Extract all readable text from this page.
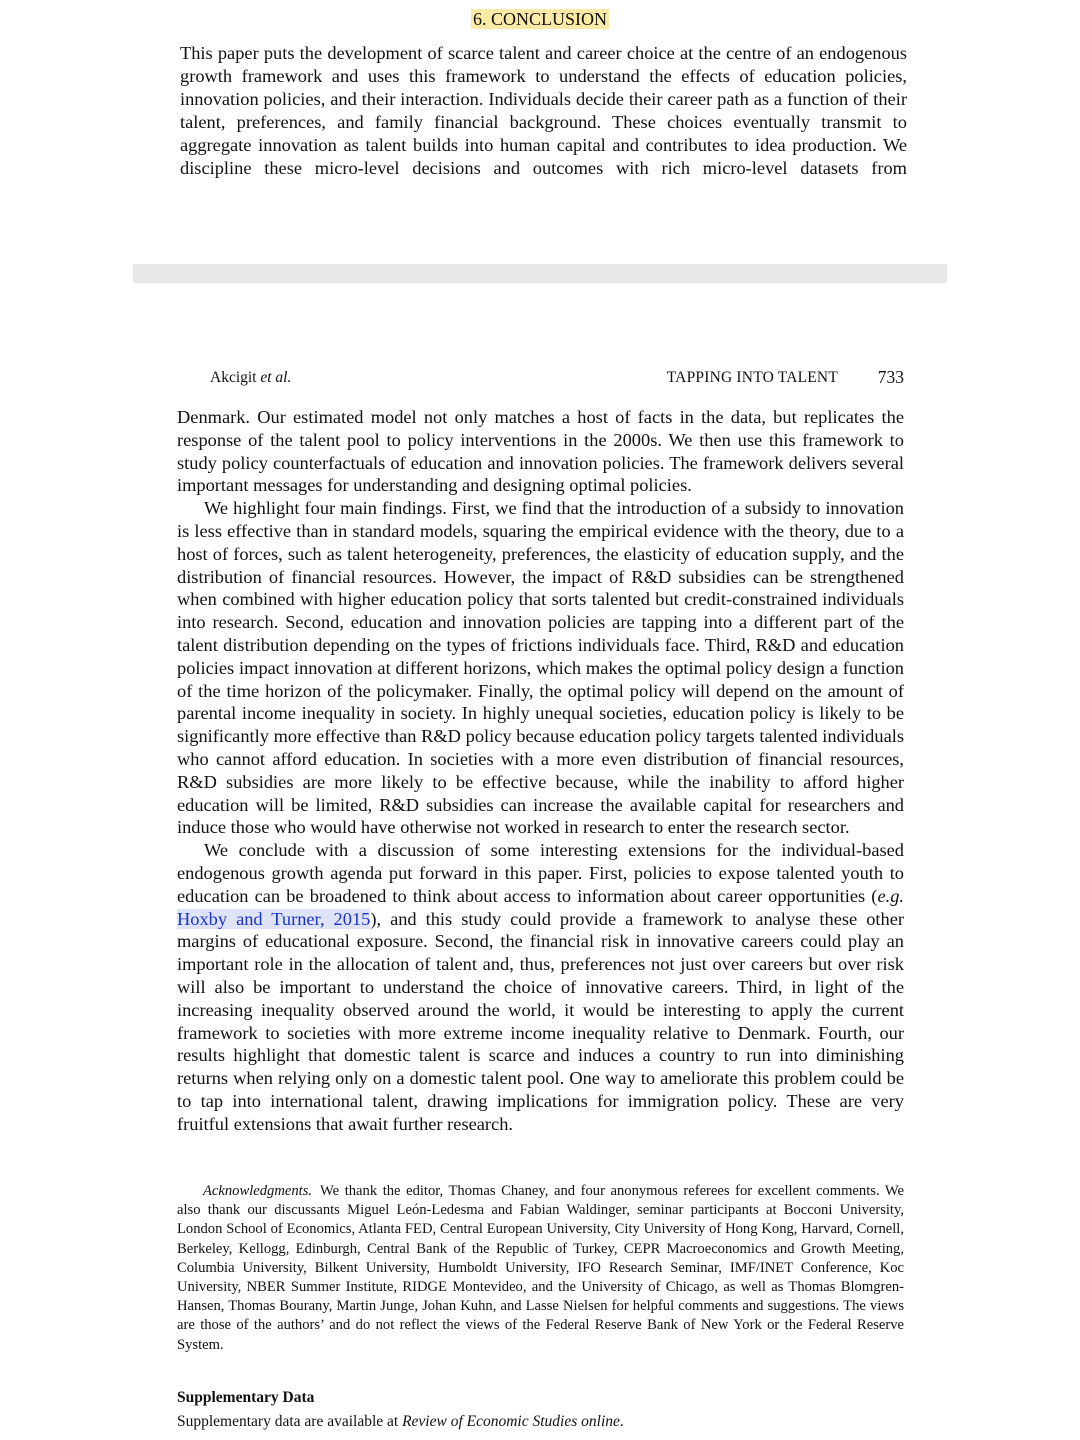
6. CONCLUSION

This paper puts the development of scarce talent and career choice at the centre of an endogenous growth framework and uses this framework to understand the effects of education policies, innovation policies, and their interaction. Individuals decide their career path as a function of their talent, preferences, and family financial background. These choices eventually transmit to aggregate innovation as talent builds into human capital and contributes to idea production. We discipline these micro-level decisions and outcomes with rich micro-level datasets from

Akcigit et al.	TAPPING INTO TALENT 733

Denmark. Our estimated model not only matches a host of facts in the data, but replicates the response of the talent pool to policy interventions in the 2000s. We then use this framework to study policy counterfactuals of education and innovation policies. The framework delivers several important messages for understanding and designing optimal policies.

We highlight four main findings. First, we find that the introduction of a subsidy to innovation is less effective than in standard models, squaring the empirical evidence with the theory, due to a host of forces, such as talent heterogeneity, preferences, the elasticity of education supply, and the distribution of financial resources. However, the impact of R&D subsidies can be strengthened when combined with higher education policy that sorts talented but credit-constrained individuals into research. Second, education and innovation policies are tapping into a different part of the talent distribution depending on the types of frictions individuals face. Third, R&D and education policies impact innovation at different horizons, which makes the optimal policy design a function of the time horizon of the policymaker. Finally, the optimal policy will depend on the amount of parental income inequality in society. In highly unequal societies, education policy is likely to be significantly more effective than R&D policy because education policy targets talented individuals who cannot afford education. In societies with a more even distribution of financial resources, R&D subsidies are more likely to be effective because, while the inability to afford higher education will be limited, R&D subsidies can increase the available capital for researchers and induce those who would have otherwise not worked in research to enter the research sector.

We conclude with a discussion of some interesting extensions for the individual-based endogenous growth agenda put forward in this paper. First, policies to expose talented youth to education can be broadened to think about access to information about career opportunities (e.g. Hoxby and Turner, 2015), and this study could provide a framework to analyse these other margins of educational exposure. Second, the financial risk in innovative careers could play an important role in the allocation of talent and, thus, preferences not just over careers but over risk will also be important to understand the choice of innovative careers. Third, in light of the increasing inequality observed around the world, it would be interesting to apply the current framework to societies with more extreme income inequality relative to Denmark. Fourth, our results highlight that domestic talent is scarce and induces a country to run into diminishing returns when relying only on a domestic talent pool. One way to ameliorate this problem could be to tap into international talent, drawing implications for immigration policy. These are very fruitful extensions that await further research.

Acknowledgments. We thank the editor, Thomas Chaney, and four anonymous referees for excellent comments. We also thank our discussants Miguel León-Ledesma and Fabian Waldinger, seminar participants at Bocconi University, London School of Economics, Atlanta FED, Central European University, City University of Hong Kong, Harvard, Cornell, Berkeley, Kellogg, Edinburgh, Central Bank of the Republic of Turkey, CEPR Macroeconomics and Growth Meeting, Columbia University, Bilkent University, Humboldt University, IFO Research Seminar, IMF/INET Conference, Koc University, NBER Summer Institute, RIDGE Montevideo, and the University of Chicago, as well as Thomas Blomgren-Hansen, Thomas Bourany, Martin Junge, Johan Kuhn, and Lasse Nielsen for helpful comments and suggestions. The views are those of the authors’ and do not reflect the views of the Federal Reserve Bank of New York or the Federal Reserve System.

Supplementary Data

Supplementary data are available at Review of Economic Studies online.
